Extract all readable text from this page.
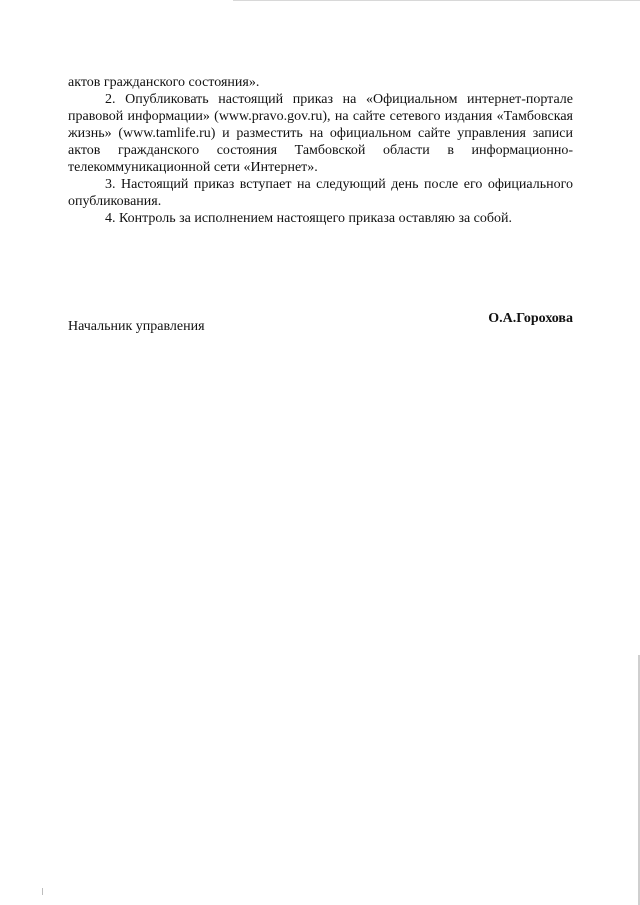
актов гражданского состояния».

2. Опубликовать настоящий приказ на «Официальном интернет-портале правовой информации» (www.pravo.gov.ru), на сайте сетевого издания «Тамбовская жизнь» (www.tamlife.ru) и разместить на официальном сайте управления записи актов гражданского состояния Тамбовской области в информационно-телекоммуникационной сети «Интернет».

3. Настоящий приказ вступает на следующий день после его официального опубликования.

4. Контроль за исполнением настоящего приказа оставляю за собой.

Начальник управления
О.А.Горохова
